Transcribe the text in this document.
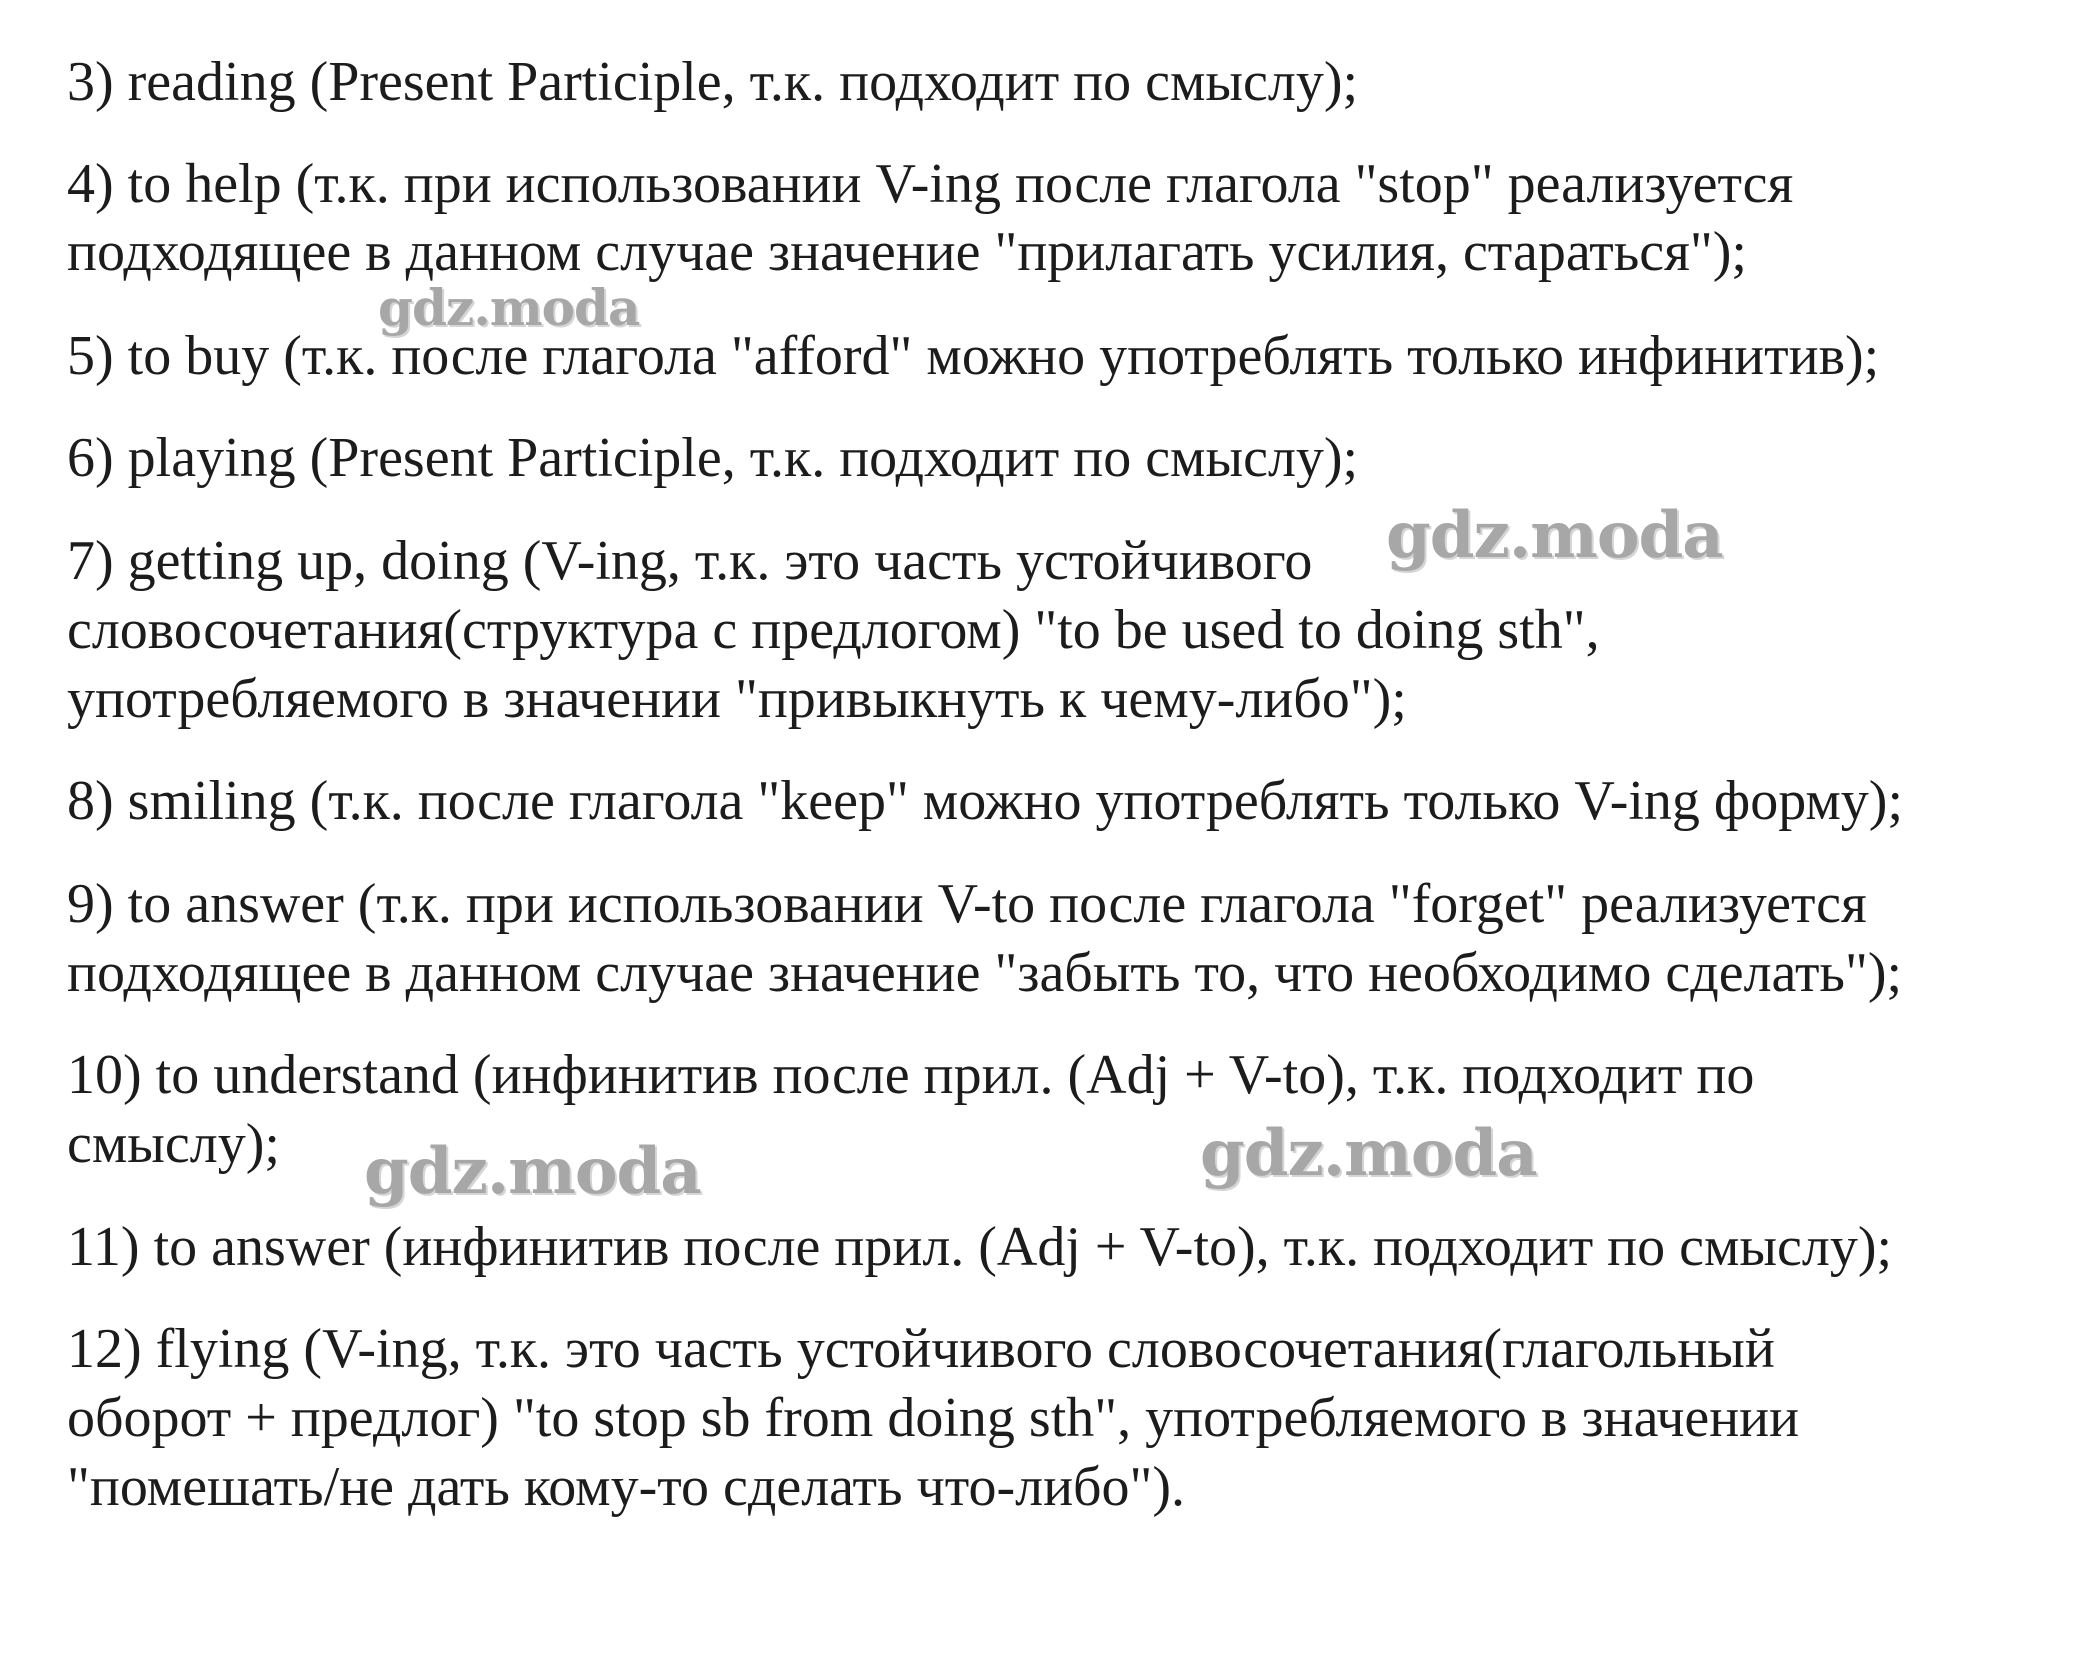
3) reading (Present Participle, т.к. подходит по смыслу);

4) to help (т.к. при использовании V-ing после глагола "stop" реализуется

подходящее в данном случае значение "прилагать усилия, стараться");

5) to buy (т.к. после глагола "afford" можно употреблять только инфинитив);

6) playing (Present Participle, т.к. подходит по смыслу);

7) getting up, doing (V-ing, т.к. это часть устойчивого

словосочетания(структура с предлогом) "to be used to doing sth",

употребляемого в значении "привыкнуть к чему-либо");

8) smiling (т.к. после глагола "keep" можно употреблять только V-ing форму);

9) to answer (т.к. при использовании V-to после глагола "forget" реализуется

подходящее в данном случае значение "забыть то, что необходимо сделать");

10) to understand (инфинитив после прил. (Adj + V-to), т.к. подходит по

смыслу);

11) to answer (инфинитив после прил. (Adj + V-to), т.к. подходит по смыслу);

12) flying (V-ing, т.к. это часть устойчивого словосочетания(глагольный

оборот + предлог) "to stop sb from doing sth", употребляемого в значении

"помешать/не дать кому-то сделать что-либо").

gdz.moda
gdz.moda
gdz.moda	gdz.moda
